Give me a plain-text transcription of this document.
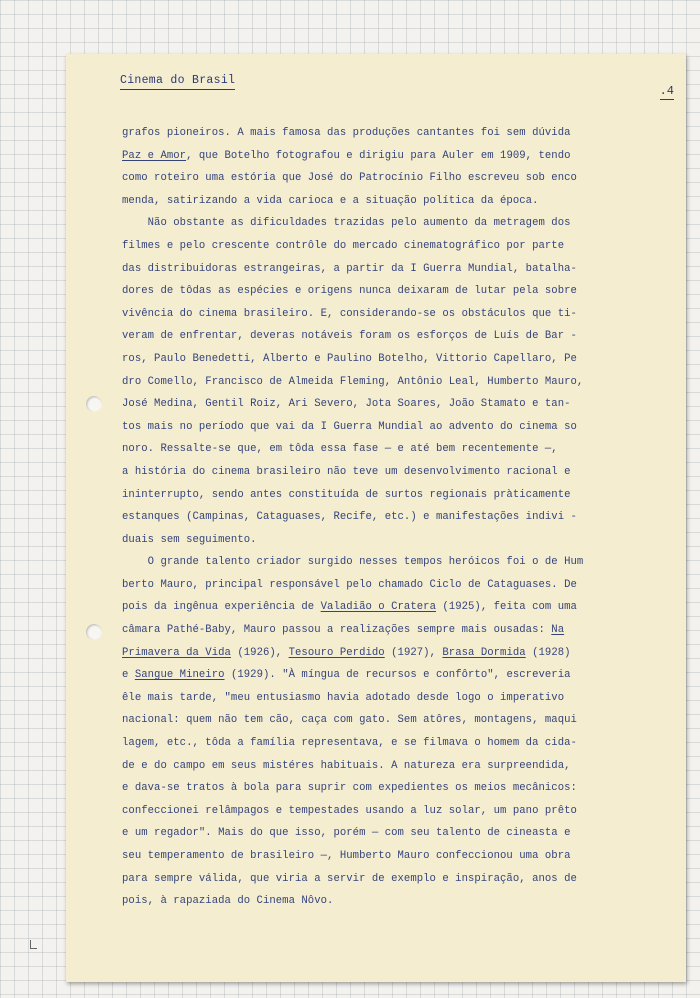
Cinema do Brasil
.4
grafos pioneiros. A mais famosa das produções cantantes foi sem dúvida
Paz e Amor, que Botelho fotografou e dirigiu para Auler em 1909, tendo
como roteiro uma estória que José do Patrocínio Filho escreveu sob enco
menda, satirizando a vida carioca e a situação política da época.
Não obstante as dificuldades trazidas pelo aumento da metragem dos
filmes e pelo crescente contrôle do mercado cinematográfico por parte
das distribuidoras estrangeiras, a partir da I Guerra Mundial, batalha-
dores de tôdas as espécies e origens nunca deixaram de lutar pela sobre
vivência do cinema brasileiro. E, considerando-se os obstáculos que ti-
veram de enfrentar, deveras notáveis foram os esforços de Luís de Bar -
ros, Paulo Benedetti, Alberto e Paulino Botelho, Vittorio Capellaro, Pe
dro Comello, Francisco de Almeida Fleming, Antônio Leal, Humberto Mauro,
José Medina, Gentil Roiz, Ari Severo, Jota Soares, João Stamato e tan-
tos mais no período que vai da I Guerra Mundial ao advento do cinema so
noro. Ressalte-se que, em tôda essa fase — e até bem recentemente —,
a história do cinema brasileiro não teve um desenvolvimento racional e
ininterrupto, sendo antes constituída de surtos regionais pràticamente
estanques (Campinas, Cataguases, Recife, etc.) e manifestações indivi -
duais sem seguimento.
O grande talento criador surgido nesses tempos heróicos foi o de Hum
berto Mauro, principal responsável pelo chamado Ciclo de Cataguases. De
pois da ingênua experiência de Valadião o Cratera (1925), feita com uma
câmara Pathé-Baby, Mauro passou a realizações sempre mais ousadas: Na
Primavera da Vida (1926), Tesouro Perdido (1927), Brasa Dormida (1928)
e Sangue Mineiro (1929). "À míngua de recursos e confôrto", escreveria
êle mais tarde, "meu entusiasmo havia adotado desde logo o imperativo
nacional: quem não tem cão, caça com gato. Sem atôres, montagens, maqui
lagem, etc., tôda a família representava, e se filmava o homem da cida-
de e do campo em seus mistéres habituais. A natureza era surpreendida,
e dava-se tratos à bola para suprir com expedientes os meios mecânicos:
confeccionei relâmpagos e tempestades usando a luz solar, um pano prêto
e um regador". Mais do que isso, porém — com seu talento de cineasta e
seu temperamento de brasileiro —, Humberto Mauro confeccionou uma obra
para sempre válida, que viria a servir de exemplo e inspiração, anos de
pois, à rapaziada do Cinema Nôvo.
